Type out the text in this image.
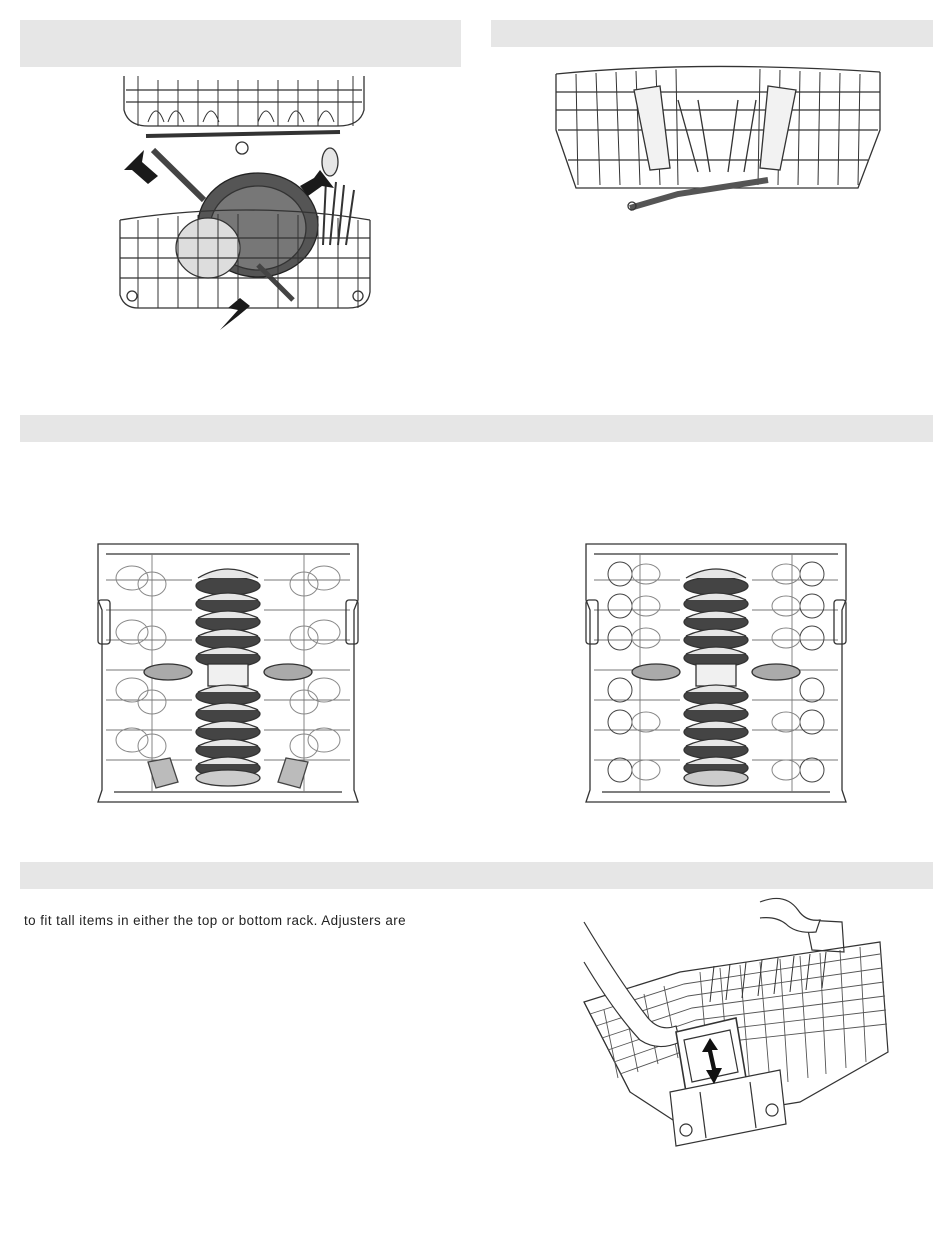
to fit tall items in either the top or bottom rack. Adjusters are
